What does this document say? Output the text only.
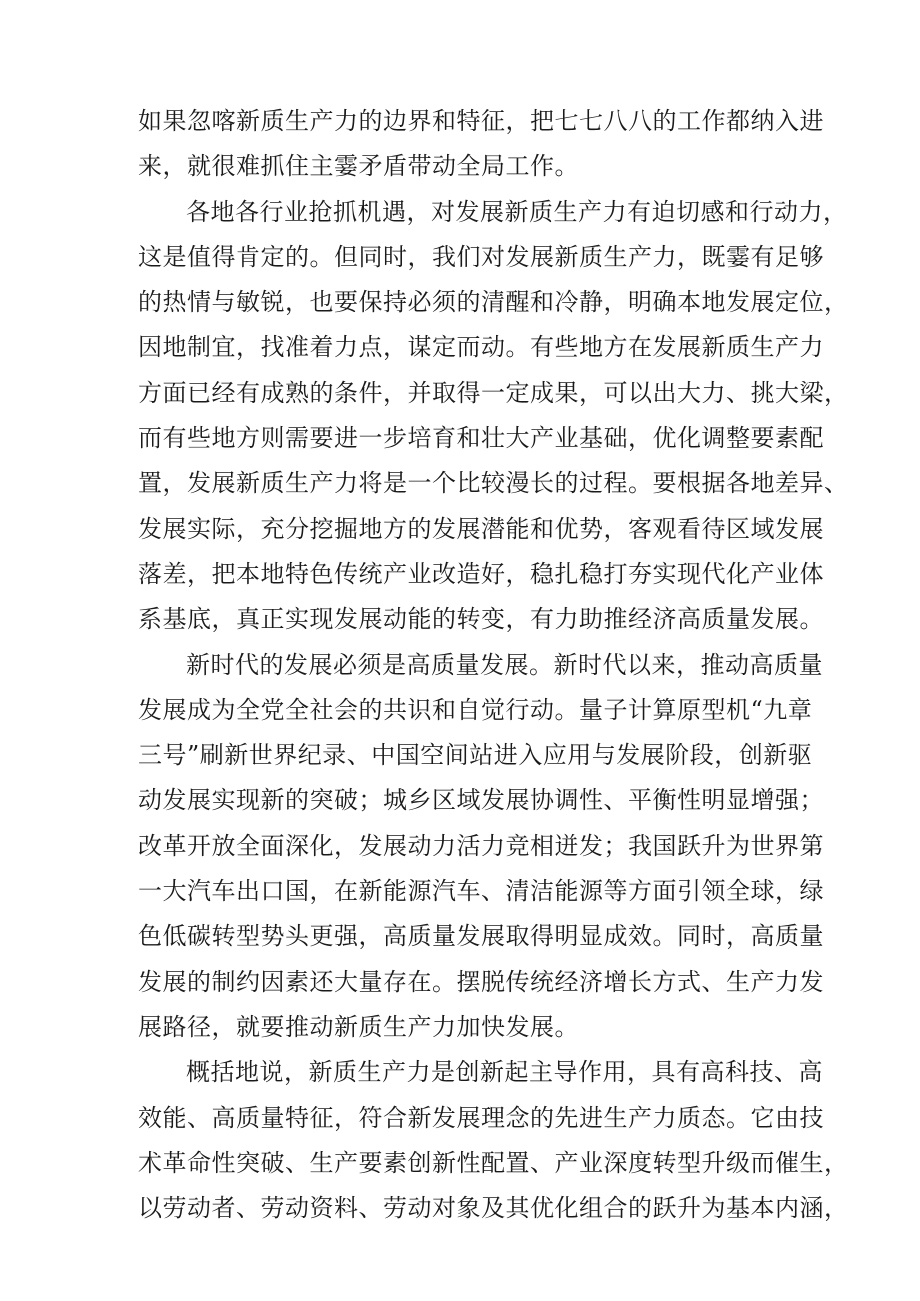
如果忽喀新质生产力的边界和特征，把七七八八的工作都纳入进
来，就很难抓住主霎矛盾带动全局工作。
各地各行业抢抓机遇，对发展新质生产力有迫切感和行动力，
这是值得肯定的。但同时，我们对发展新质生产力，既霎有足够
的热情与敏锐，也要保持必须的清醒和冷静，明确本地发展定位，
因地制宜，找准着力点，谋定而动。有些地方在发展新质生产力
方面已经有成熟的条件，并取得一定成果，可以出大力、挑大梁，
而有些地方则需要进一步培育和壮大产业基础，优化调整要素配
置，发展新质生产力将是一个比较漫长的过程。要根据各地差异、
发展实际，充分挖掘地方的发展潜能和优势，客观看待区域发展
落差，把本地特色传统产业改造好，稳扎稳打夯实现代化产业体
系基底，真正实现发展动能的转变，有力助推经济高质量发展。
新时代的发展必须是高质量发展。新时代以来，推动高质量
发展成为全党全社会的共识和自觉行动。量子计算原型机“九章
三号”刷新世界纪录、中国空间站进入应用与发展阶段，创新驱
动发展实现新的突破；城乡区域发展协调性、平衡性明显增强；
改革开放全面深化，发展动力活力竞相迸发；我国跃升为世界第
一大汽车出口国，在新能源汽车、清洁能源等方面引领全球，绿
色低碳转型势头更强，高质量发展取得明显成效。同时，高质量
发展的制约因素还大量存在。摆脱传统经济增长方式、生产力发
展路径，就要推动新质生产力加快发展。
概括地说，新质生产力是创新起主导作用，具有高科技、高
效能、高质量特征，符合新发展理念的先进生产力质态。它由技
术革命性突破、生产要素创新性配置、产业深度转型升级而催生，
以劳动者、劳动资料、劳动对象及其优化组合的跃升为基本内涵，
